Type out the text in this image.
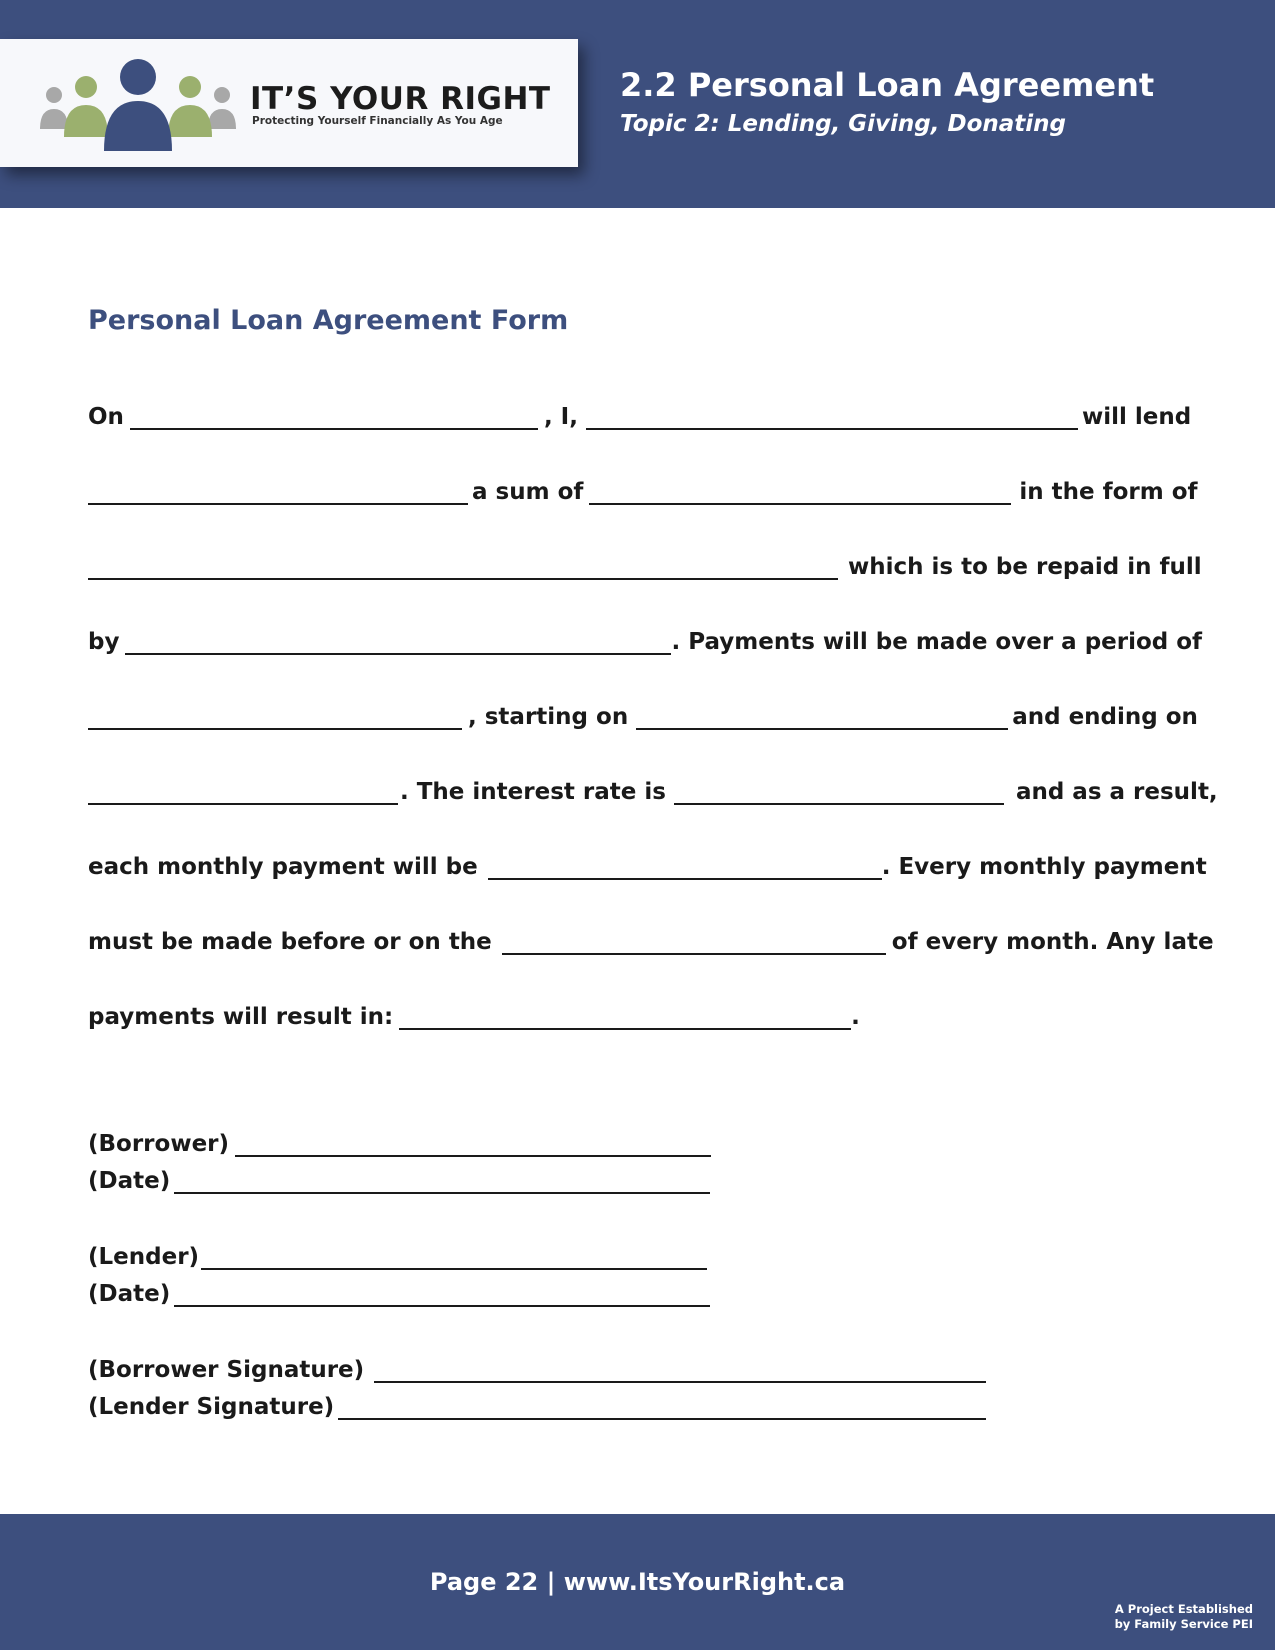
IT’S YOUR RIGHT
Protecting Yourself Financially As You Age
2.2 Personal Loan Agreement
Topic 2: Lending, Giving, Donating
Personal Loan Agreement Form
On	, I,	will lend
a sum of	in the form of
which is to be repaid in full
by	. Payments will be made over a period of
, starting on	and ending on
. The interest rate is	and as a result,
each monthly payment will be	. Every monthly payment
must be made before or on the	of every month. Any late
payments will result in:	.
(Borrower)
(Date)
(Lender)
(Date)
(Borrower Signature)
(Lender Signature)
Page 22 | www.ItsYourRight.ca
A Project Established
by Family Service PEI
